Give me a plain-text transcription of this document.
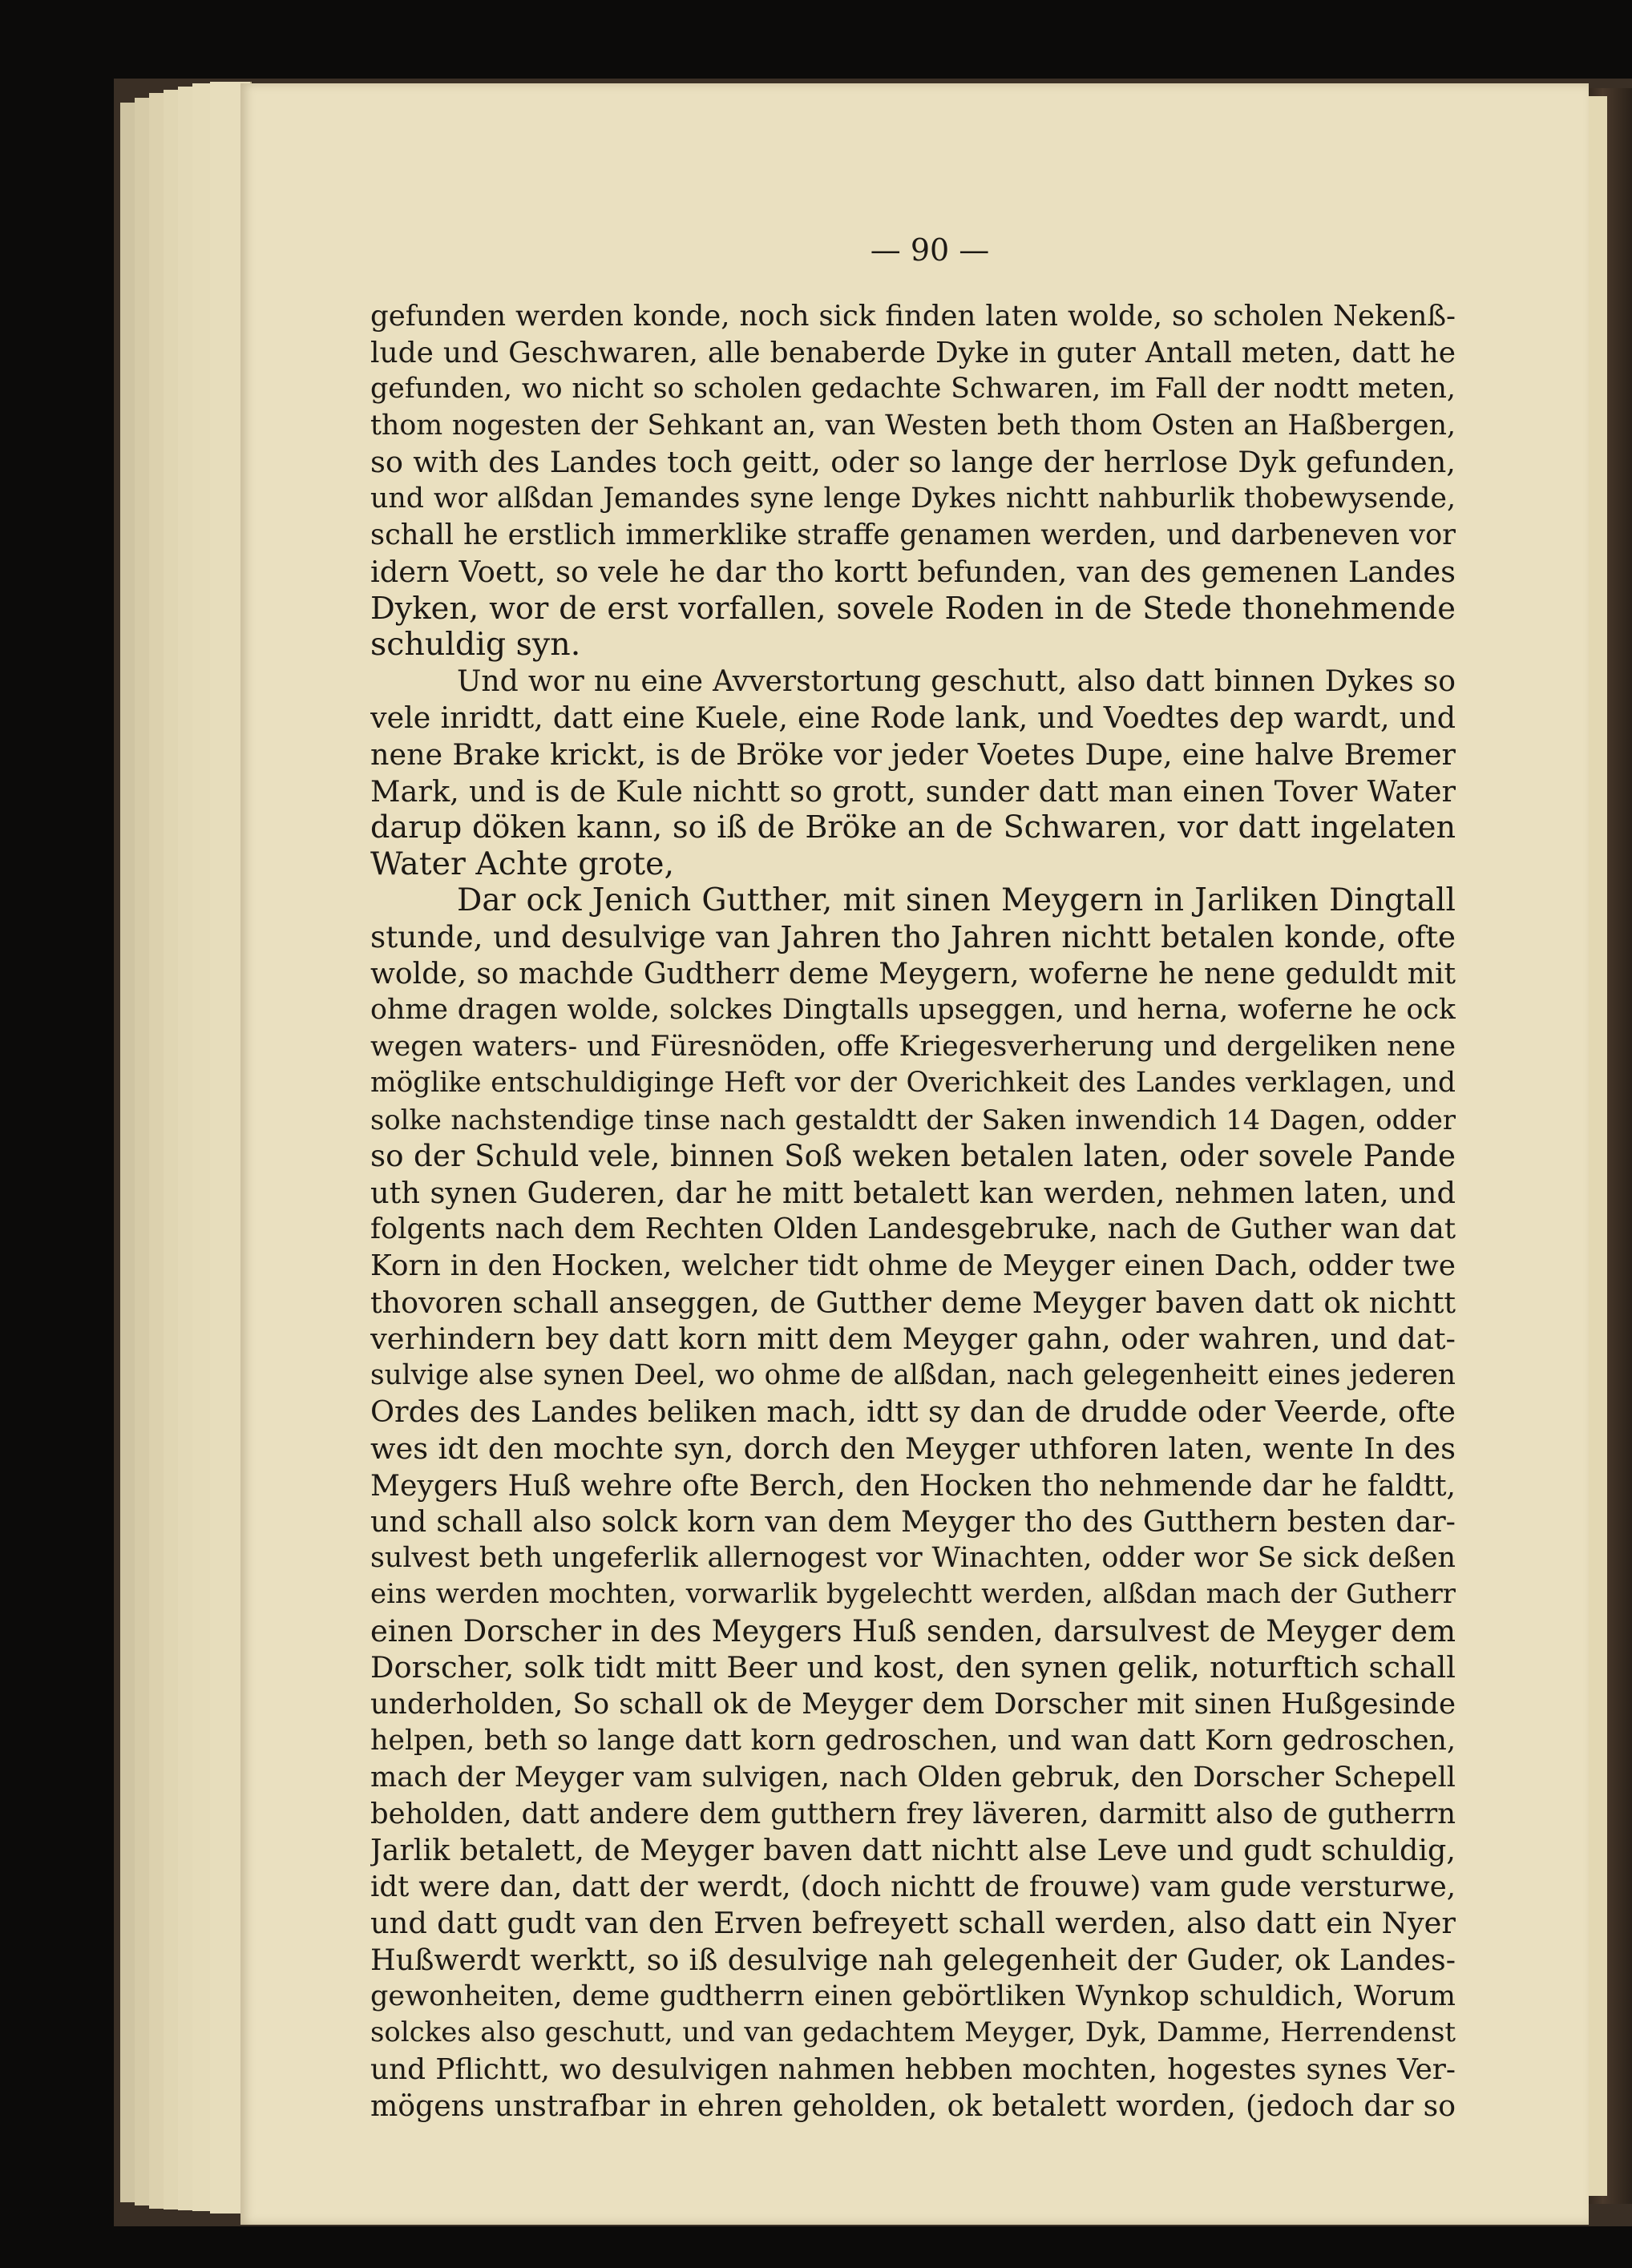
— 90 —
gefunden werden konde, noch sick finden laten wolde, so scholen Nekenß-
lude und Geschwaren, alle benaberde Dyke in guter Antall meten, datt he
gefunden, wo nicht so scholen gedachte Schwaren, im Fall der nodtt meten,
thom nogesten der Sehkant an, van Westen beth thom Osten an Haßbergen,
so with des Landes toch geitt, oder so lange der herrlose Dyk gefunden,
und wor alßdan Jemandes syne lenge Dykes nichtt nahburlik thobewysende,
schall he erstlich immerklike straffe genamen werden, und darbeneven vor
idern Voett, so vele he dar tho kortt befunden, van des gemenen Landes
Dyken, wor de erst vorfallen, sovele Roden in de Stede thonehmende
schuldig syn.
Und wor nu eine Avverstortung geschutt, also datt binnen Dykes so
vele inridtt, datt eine Kuele, eine Rode lank, und Voedtes dep wardt, und
nene Brake krickt, is de Bröke vor jeder Voetes Dupe, eine halve Bremer
Mark, und is de Kule nichtt so grott, sunder datt man einen Tover Water
darup döken kann, so iß de Bröke an de Schwaren, vor datt ingelaten
Water Achte grote,
Dar ock Jenich Gutther, mit sinen Meygern in Jarliken Dingtall
stunde, und desulvige van Jahren tho Jahren nichtt betalen konde, ofte
wolde, so machde Gudtherr deme Meygern, woferne he nene geduldt mit
ohme dragen wolde, solckes Dingtalls upseggen, und herna, woferne he ock
wegen waters- und Füresnöden, offe Kriegesverherung und dergeliken nene
möglike entschuldiginge Heft vor der Overichkeit des Landes verklagen, und
solke nachstendige tinse nach gestaldtt der Saken inwendich 14 Dagen, odder
so der Schuld vele, binnen Soß weken betalen laten, oder sovele Pande
uth synen Guderen, dar he mitt betalett kan werden, nehmen laten, und
folgents nach dem Rechten Olden Landesgebruke, nach de Guther wan dat
Korn in den Hocken, welcher tidt ohme de Meyger einen Dach, odder twe
thovoren schall anseggen, de Gutther deme Meyger baven datt ok nichtt
verhindern bey datt korn mitt dem Meyger gahn, oder wahren, und dat-
sulvige alse synen Deel, wo ohme de alßdan, nach gelegenheitt eines jederen
Ordes des Landes beliken mach, idtt sy dan de drudde oder Veerde, ofte
wes idt den mochte syn, dorch den Meyger uthforen laten, wente In des
Meygers Huß wehre ofte Berch, den Hocken tho nehmende dar he faldtt,
und schall also solck korn van dem Meyger tho des Gutthern besten dar-
sulvest beth ungeferlik allernogest vor Winachten, odder wor Se sick deßen
eins werden mochten, vorwarlik bygelechtt werden, alßdan mach der Gutherr
einen Dorscher in des Meygers Huß senden, darsulvest de Meyger dem
Dorscher, solk tidt mitt Beer und kost, den synen gelik, noturftich schall
underholden, So schall ok de Meyger dem Dorscher mit sinen Hußgesinde
helpen, beth so lange datt korn gedroschen, und wan datt Korn gedroschen,
mach der Meyger vam sulvigen, nach Olden gebruk, den Dorscher Schepell
beholden, datt andere dem gutthern frey läveren, darmitt also de gutherrn
Jarlik betalett, de Meyger baven datt nichtt alse Leve und gudt schuldig,
idt were dan, datt der werdt, (doch nichtt de frouwe) vam gude versturwe,
und datt gudt van den Erven befreyett schall werden, also datt ein Nyer
Hußwerdt werktt, so iß desulvige nah gelegenheit der Guder, ok Landes-
gewonheiten, deme gudtherrn einen gebörtliken Wynkop schuldich, Worum
solckes also geschutt, und van gedachtem Meyger, Dyk, Damme, Herrendenst
und Pflichtt, wo desulvigen nahmen hebben mochten, hogestes synes Ver-
mögens unstrafbar in ehren geholden, ok betalett worden, (jedoch dar so
